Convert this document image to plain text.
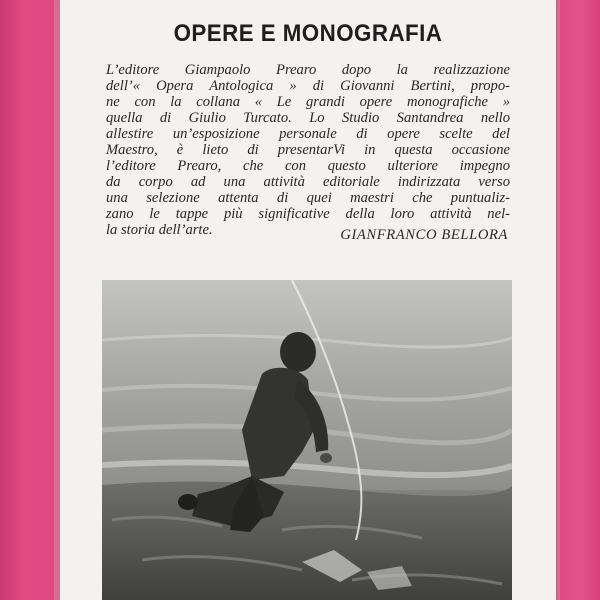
OPERE E MONOGRAFIA
L’editore Giampaolo Prearo dopo la realizzazione
dell’« Opera Antologica » di Giovanni Bertini, propo-
ne con la collana « Le grandi opere monografiche »
quella di Giulio Turcato. Lo Studio Santandrea nello
allestire un’esposizione personale di opere scelte del
Maestro, è lieto di presentarVi in questa occasione
l’editore Prearo, che con questo ulteriore impegno
da corpo ad una attività editoriale indirizzata verso
una selezione attenta di quei maestri che puntualiz-
zano le tappe più significative della loro attività nel-
la storia dell’arte.	GIANFRANCO BELLORA
